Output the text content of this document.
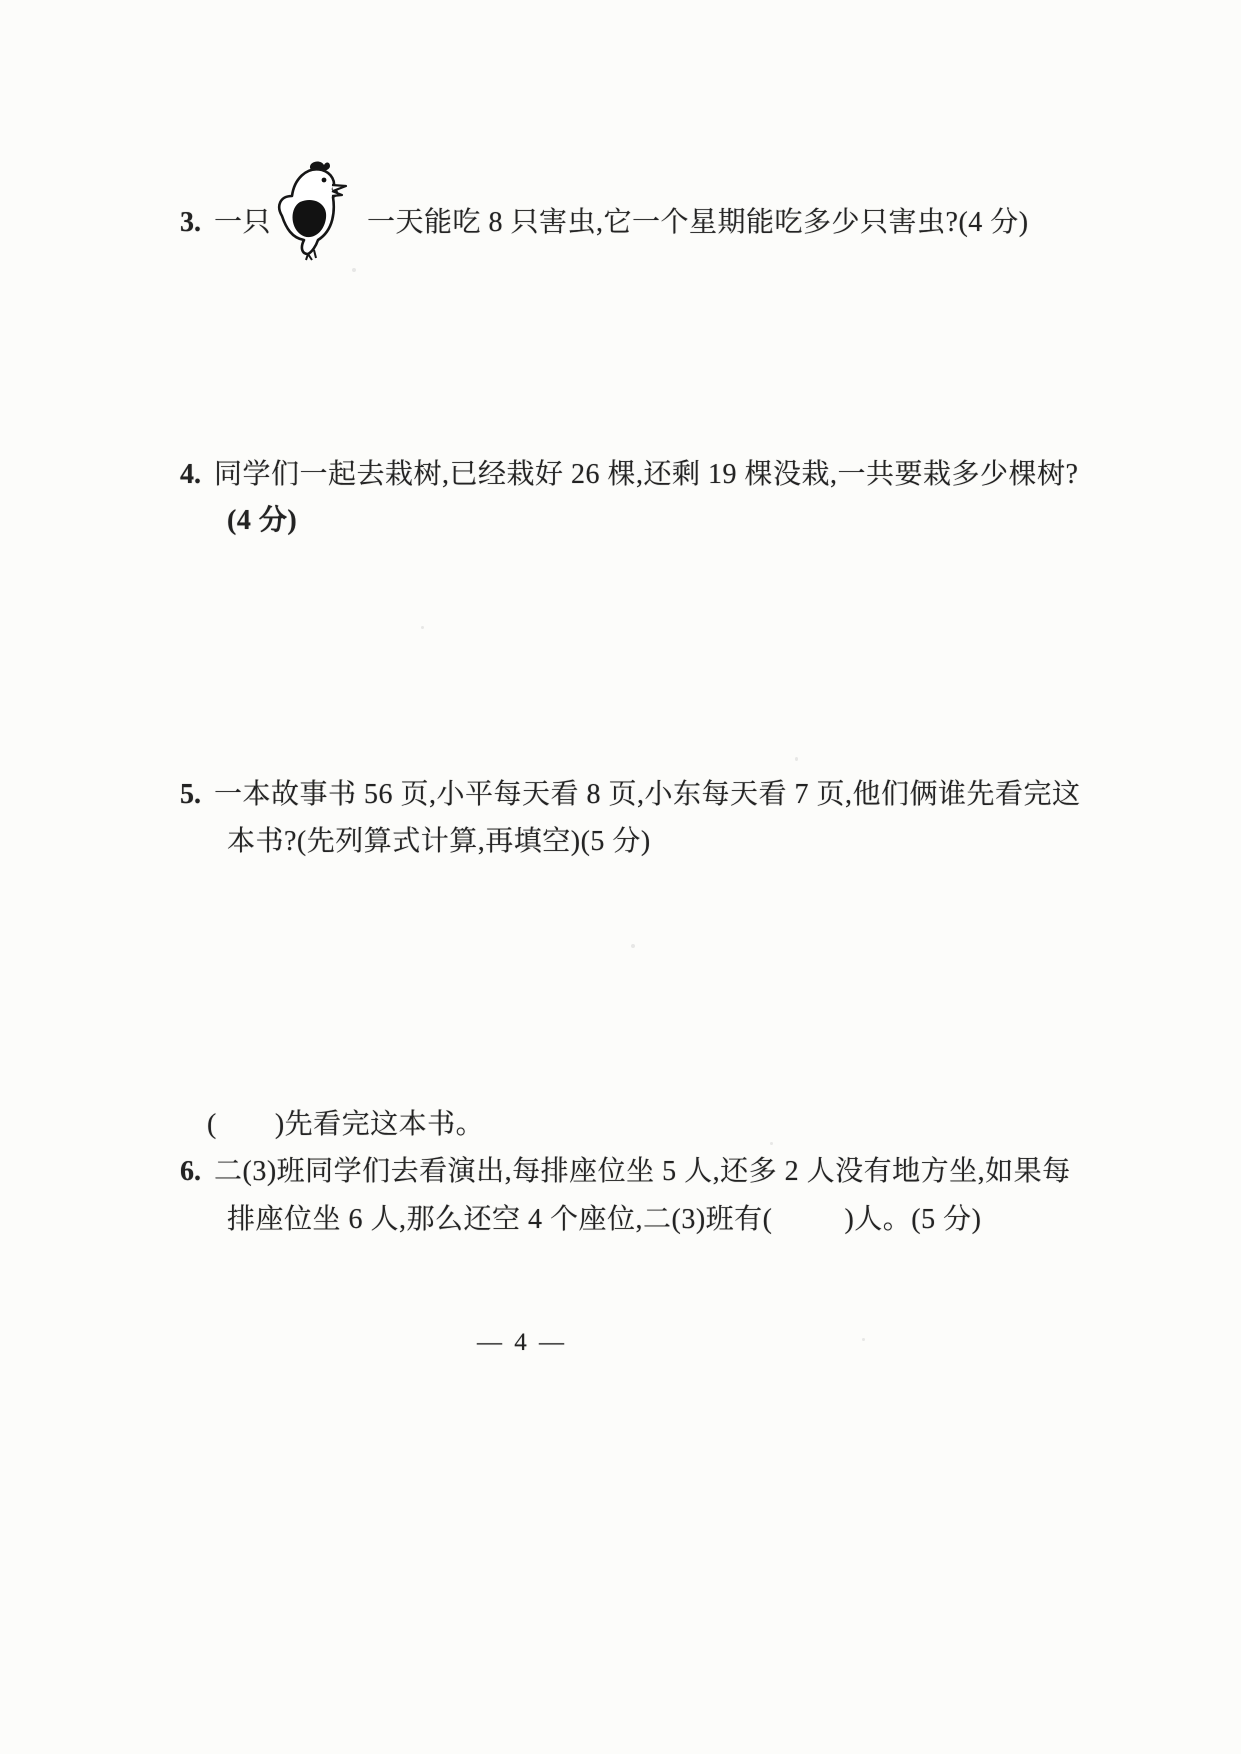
3. 一只	一天能吃 8 只害虫,它一个星期能吃多少只害虫?(4 分)
4. 同学们一起去栽树,已经栽好 26 棵,还剩 19 棵没栽,一共要栽多少棵树?
(4 分)
5. 一本故事书 56 页,小平每天看 8 页,小东每天看 7 页,他们俩谁先看完这
本书?(先列算式计算,再填空)(5 分)
( )先看完这本书。
6. 二(3)班同学们去看演出,每排座位坐 5 人,还多 2 人没有地方坐,如果每
排座位坐 6 人,那么还空 4 个座位,二(3)班有(	)人。(5 分)
— 4 —
